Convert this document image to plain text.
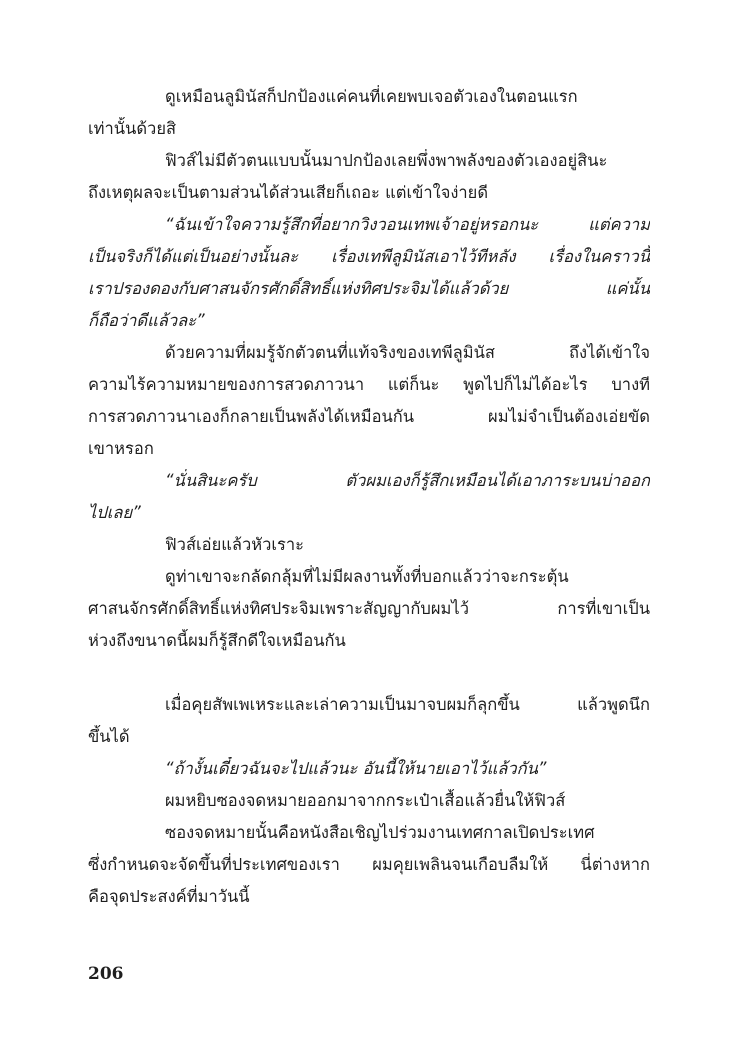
ดูเหมือนลูมินัสก็ปกป้องแค่คนที่เคยพบเจอตัวเองในตอนแรก
เท่านั้นด้วยสิ
ฟิวส์ไม่มีตัวตนแบบนั้นมาปกป้องเลยพึ่งพาพลังของตัวเองอยู่สินะ
ถึงเหตุผลจะเป็นตามส่วนได้ส่วนเสียก็เถอะ แต่เข้าใจง่ายดี
“ฉันเข้าใจความรู้สึกที่อยากวิงวอนเทพเจ้าอยู่หรอกนะ แต่ความ
เป็นจริงก็ได้แต่เป็นอย่างนั้นละ เรื่องเทพีลูมินัสเอาไว้ทีหลัง เรื่องในคราวนี้
เราปรองดองกับศาสนจักรศักดิ์สิทธิ์แห่งทิศประจิมได้แล้วด้วย แค่นั้น
ก็ถือว่าดีแล้วละ”
ด้วยความที่ผมรู้จักตัวตนที่แท้จริงของเทพีลูมินัส ถึงได้เข้าใจ
ความไร้ความหมายของการสวดภาวนา แต่ก็นะ พูดไปก็ไม่ได้อะไร บางที
การสวดภาวนาเองก็กลายเป็นพลังได้เหมือนกัน ผมไม่จำเป็นต้องเอ่ยขัด
เขาหรอก
“นั่นสินะครับ ตัวผมเองก็รู้สึกเหมือนได้เอาภาระบนบ่าออก
ไปเลย”
ฟิวส์เอ่ยแล้วหัวเราะ
ดูท่าเขาจะกลัดกลุ้มที่ไม่มีผลงานทั้งที่บอกแล้วว่าจะกระตุ้น
ศาสนจักรศักดิ์สิทธิ์แห่งทิศประจิมเพราะสัญญากับผมไว้ การที่เขาเป็น
ห่วงถึงขนาดนี้ผมก็รู้สึกดีใจเหมือนกัน
เมื่อคุยสัพเพเหระและเล่าความเป็นมาจบผมก็ลุกขึ้น แล้วพูดนึก
ขึ้นได้
“ถ้างั้นเดี๋ยวฉันจะไปแล้วนะ อันนี้ให้นายเอาไว้แล้วกัน”
ผมหยิบซองจดหมายออกมาจากกระเป๋าเสื้อแล้วยื่นให้ฟิวส์
ซองจดหมายนั้นคือหนังสือเชิญไปร่วมงานเทศกาลเปิดประเทศ
ซึ่งกำหนดจะจัดขึ้นที่ประเทศของเรา ผมคุยเพลินจนเกือบลืมให้ นี่ต่างหาก
คือจุดประสงค์ที่มาวันนี้
206
